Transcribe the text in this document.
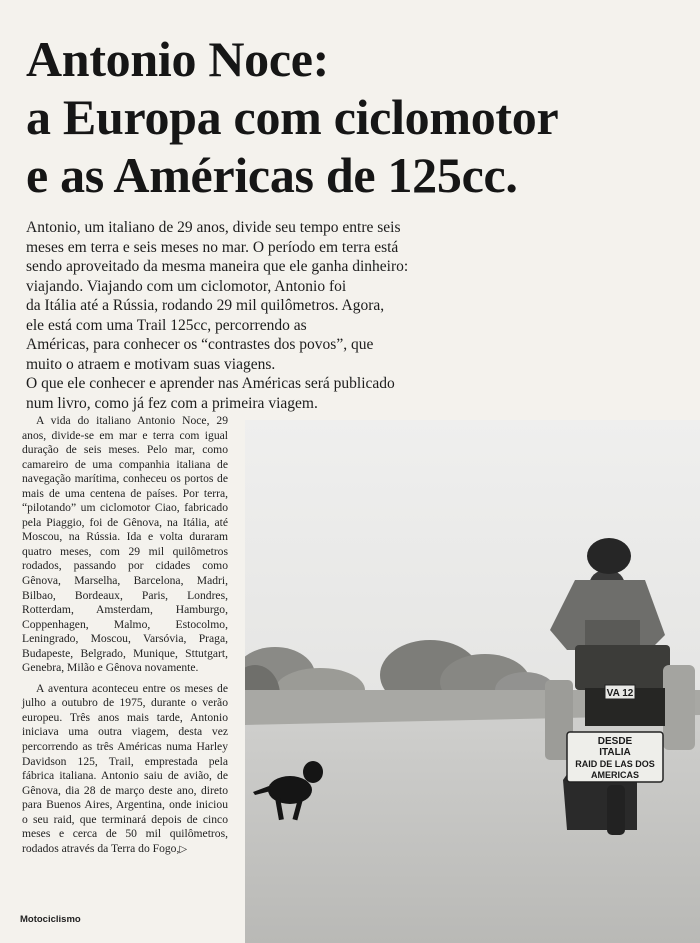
Antonio Noce:
a Europa com ciclomotor
e as Américas de 125cc.
Antonio, um italiano de 29 anos, divide seu tempo entre seis
meses em terra e seis meses no mar. O período em terra está
sendo aproveitado da mesma maneira que ele ganha dinheiro:
viajando. Viajando com um ciclomotor, Antonio foi
da Itália até a Rússia, rodando 29 mil quilômetros. Agora,
ele está com uma Trail 125cc, percorrendo as
Américas, para conhecer os “contrastes dos povos”, que
muito o atraem e motivam suas viagens.
O que ele conhecer e aprender nas Américas será publicado
num livro, como já fez com a primeira viagem.

A vida do italiano Antonio Noce, 29 anos, divide-se em mar e terra com igual duração de seis meses. Pelo mar, como camareiro de uma companhia italiana de navegação marítima, conheceu os portos de mais de uma centena de países. Por terra, “pilotando” um ciclomotor Ciao, fabricado pela Piaggio, foi de Gênova, na Itália, até Moscou, na Rússia. Ida e volta duraram quatro meses, com 29 mil quilômetros rodados, passando por cidades como Gênova, Marselha, Barcelona, Madri, Bilbao, Bordeaux, Paris, Londres, Rotterdam, Amsterdam, Hamburgo, Coppenhagen, Malmo, Estocolmo, Leningrado, Moscou, Varsóvia, Praga, Budapeste, Belgrado, Munique, Sttutgart, Genebra, Milão e Gênova novamente.

A aventura aconteceu entre os meses de julho a outubro de 1975, durante o verão europeu. Três anos mais tarde, Antonio iniciava uma outra viagem, desta vez percorrendo as três Américas numa Harley Davidson 125, Trail, emprestada pela fábrica italiana. Antonio saiu de avião, de Gênova, dia 28 de março deste ano, direto para Buenos Aires, Argentina, onde iniciou o seu raid, que terminará depois de cinco meses e cerca de 50 mil quilômetros, rodados através da Terra do Fogo,▷

Motociclismo
VA 12
DESDE
ITALIA
RAID DE LAS DOS
AMERICAS
